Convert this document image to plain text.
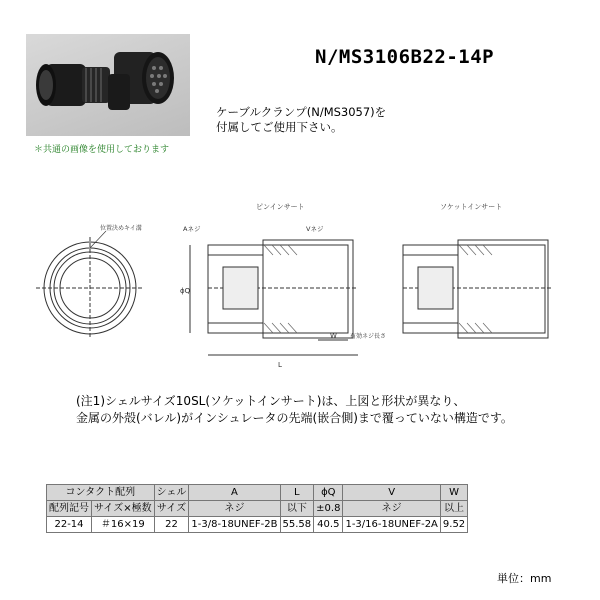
＊共通の画像を使用しております
N/MS3106B22-14P
ケーブルクランプ(N/MS3057)を
付属してご使用下さい。
位置決めキイ溝
ピンインサート
Aネジ	Vネジ
ϕQ
W
L
有効ネジ長さ
ソケットインサート
(注1)シェルサイズ10SL(ソケットインサート)は、上図と形状が異なり、
金属の外殻(バレル)がインシュレータの先端(嵌合側)まで覆っていない構造です。
コンタクト配列		シェル	A	L	ϕQ	V	W
配列記号	サイズ×極数	サイズ	ネジ	以下	±0.8	ネジ	以上
22-14	＃16×19	22	1-3/8-18UNEF-2B	55.58	40.5	1-3/16-18UNEF-2A	9.52
単位：mm
